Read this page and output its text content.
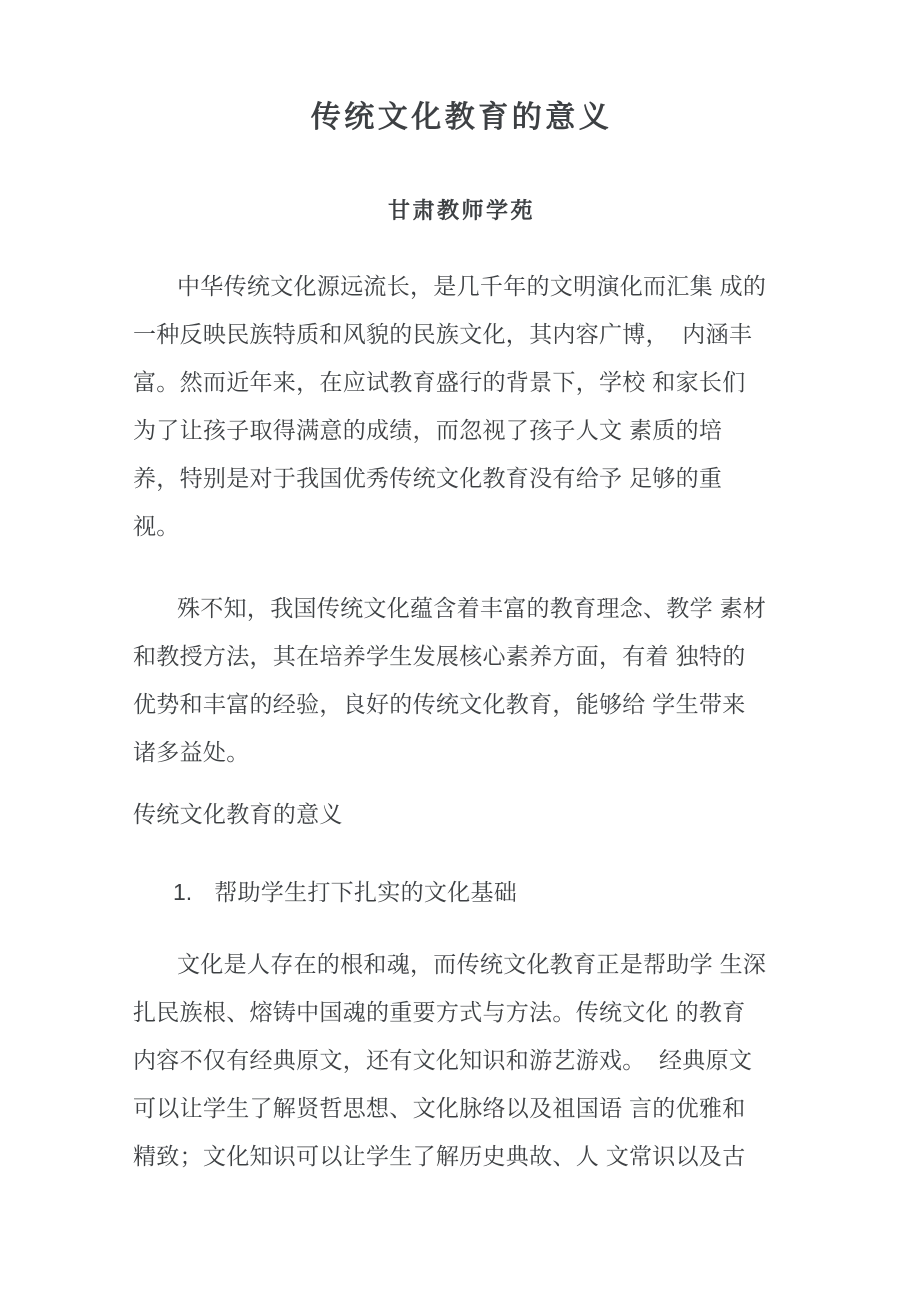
传统文化教育的意义
甘肃教师学苑
中华传统文化源远流长，是几千年的文明演化而汇集 成的
一种反映民族特质和风貌的民族文化，其内容广博，  内涵丰
富。然而近年来，在应试教育盛行的背景下，学校 和家长们
为了让孩子取得满意的成绩，而忽视了孩子人文 素质的培
养，特别是对于我国优秀传统文化教育没有给予 足够的重
视。
殊不知，我国传统文化蕴含着丰富的教育理念、教学 素材
和教授方法，其在培养学生发展核心素养方面，有着 独特的
优势和丰富的经验，良好的传统文化教育，能够给 学生带来
诸多益处。
传统文化教育的意义
1. 帮助学生打下扎实的文化基础
文化是人存在的根和魂，而传统文化教育正是帮助学 生深
扎民族根、熔铸中国魂的重要方式与方法。传统文化 的教育
内容不仅有经典原文，还有文化知识和游艺游戏。  经典原文
可以让学生了解贤哲思想、文化脉络以及祖国语 言的优雅和
精致；文化知识可以让学生了解历史典故、人 文常识以及古
